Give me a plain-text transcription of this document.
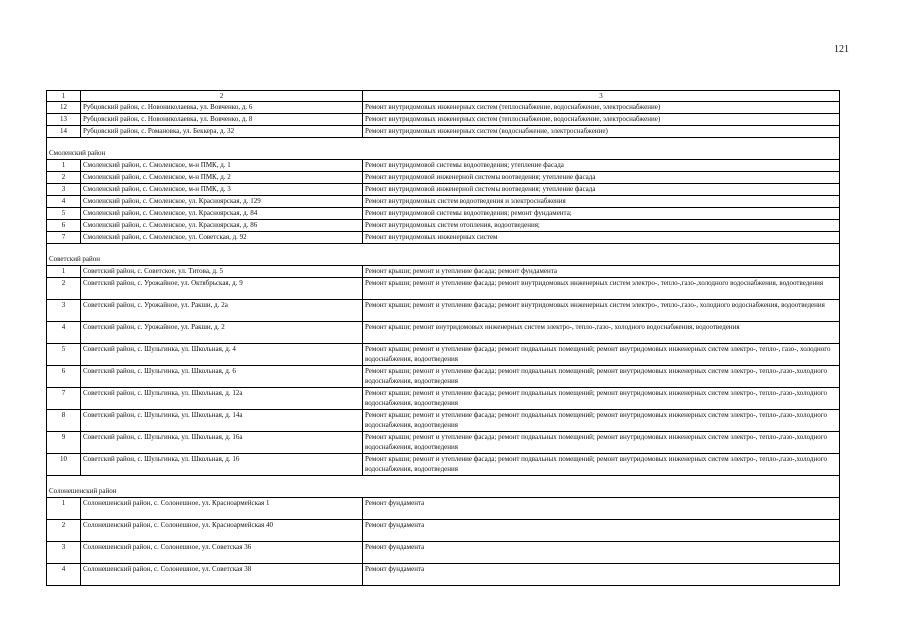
121
1	2	3
12	Рубцовский район, с. Новониколаевка, ул. Вовченко, д. 6	Ремонт внутридомовых инженерных систем (теплоснабжение, водоснабжение, электроснабжение)
13	Рубцовский район, с. Новониколаевка, ул. Вовченко, д. 8	Ремонт внутридомовых инженерных систем (теплоснабжение, водоснабжение, электроснабжение)
14	Рубцовский район, с. Романовка, ул. Беккера, д. 32	Ремонт внутридомовых инженерных систем (водоснабжение, электроснабжение)
Смоленский район		
1	Смоленский район, с. Смоленское, м-н ПМК, д. 1	Ремонт внутридомовой системы водоотведения; утепление фасада
2	Смоленский район, с. Смоленское, м-н ПМК, д. 2	Ремонт внутридомовой инженерной системы воотведения; утепление фасада
3	Смоленский район, с. Смоленское, м-н ПМК, д. 3	Ремонт внутридомовой инженерной системы воотведения; утепление фасада
4	Смоленский район, с. Смоленское, ул. Красноярская, д. 129	Ремонт внутридомовых систем водоотведения и электроснабжения
5	Смоленский район, с. Смоленское, ул. Красноярская, д. 84	Ремонт внутридомовой системы водоотведения; ремонт фундамента;
6	Смоленский район, с. Смоленское, ул. Красноярская, д. 86	Ремонт внутридомовых систем отопления, водоотведения;
7	Смоленский район, с. Смоленское, ул. Советская, д. 92	Ремонт внутридомовых инженерных систем
Советский район		
1	Советский район, с. Советское, ул. Титова, д. 5	Ремонт крыши; ремонт и утепление фасада; ремонт фундамента
2	Советский район, с. Урожайное, ул. Октябрьская, д. 9	Ремонт крыши; ремонт и утепление фасада; ремонт внутридомовых инженерных систем электро-, тепло-,газо-,холодного водоснабжения, водоотведения
3	Советский район, с. Урожайное, ул. Ракши, д. 2а	Ремонт крыши; ремонт и утепление фасада; ремонт внутридомовых инженерных систем электро-, тепло-,газо-, холодного водоснабжения, водоотведения
4	Советский район, с. Урожайное, ул. Ракши, д. 2	Ремонт крыши; ремонт внутридомовых инженерных систем электро-, тепло-,газо-, холодного водоснабжения, водоотведения
5	Советский район, с. Шульгинка, ул. Школьная, д. 4	Ремонт крыши; ремонт и утепление фасада; ремонт подвальных помещений; ремонт внутридомовых инженерных систем электро-, тепло-, газо-, холодного водоснабжения, водоотведения
6	Советский район, с. Шульгинка, ул. Школьная, д. 6	Ремонт крыши; ремонт и утепление фасада; ремонт подвальных помещений; ремонт внутридомовых инженерных систем электро-, тепло-,газо-,холодного водоснабжения, водоотведения
7	Советский район, с. Шульгинка, ул. Школьная, д. 12а	Ремонт крыши; ремонт и утепление фасада; ремонт подвальных помещений; ремонт внутридомовых инженерных систем электро-, тепло-,газо-,холодного водоснабжения, водоотведения
8	Советский район, с. Шульгинка, ул. Школьная, д. 14а	Ремонт крыши; ремонт и утепление фасада; ремонт подвальных помещений; ремонт внутридомовых инженерных систем электро-, тепло-,газо-,холодного водоснабжения, водоотведения
9	Советский район, с. Шульгинка, ул. Школьная, д. 16а	Ремонт крыши; ремонт и утепление фасада; ремонт подвальных помещений; ремонт внутридомовых инженерных систем электро-, тепло-,газо-,холодного водоснабжения, водоотведения
10	Советский район, с. Шульгинка, ул. Школьная, д. 16	Ремонт крыши; ремонт и утепление фасада; ремонт подвальных помещений; ремонт внутридомовых инженерных систем электро-, тепло-,газо-,холодного водоснабжения, водоотведения
Солонешенский район		
1	Солонешенский район, с. Солонешное, ул. Красноармейская 1	Ремонт фундамента
2	Солонешенский район, с. Солонешное, ул. Красноармейская 40	Ремонт фундамента
3	Солонешенский район, с. Солонешное, ул. Советская 36	Ремонт фундамента
4	Солонешенский район, с. Солонешное, ул. Советская 38	Ремонт фундамента
